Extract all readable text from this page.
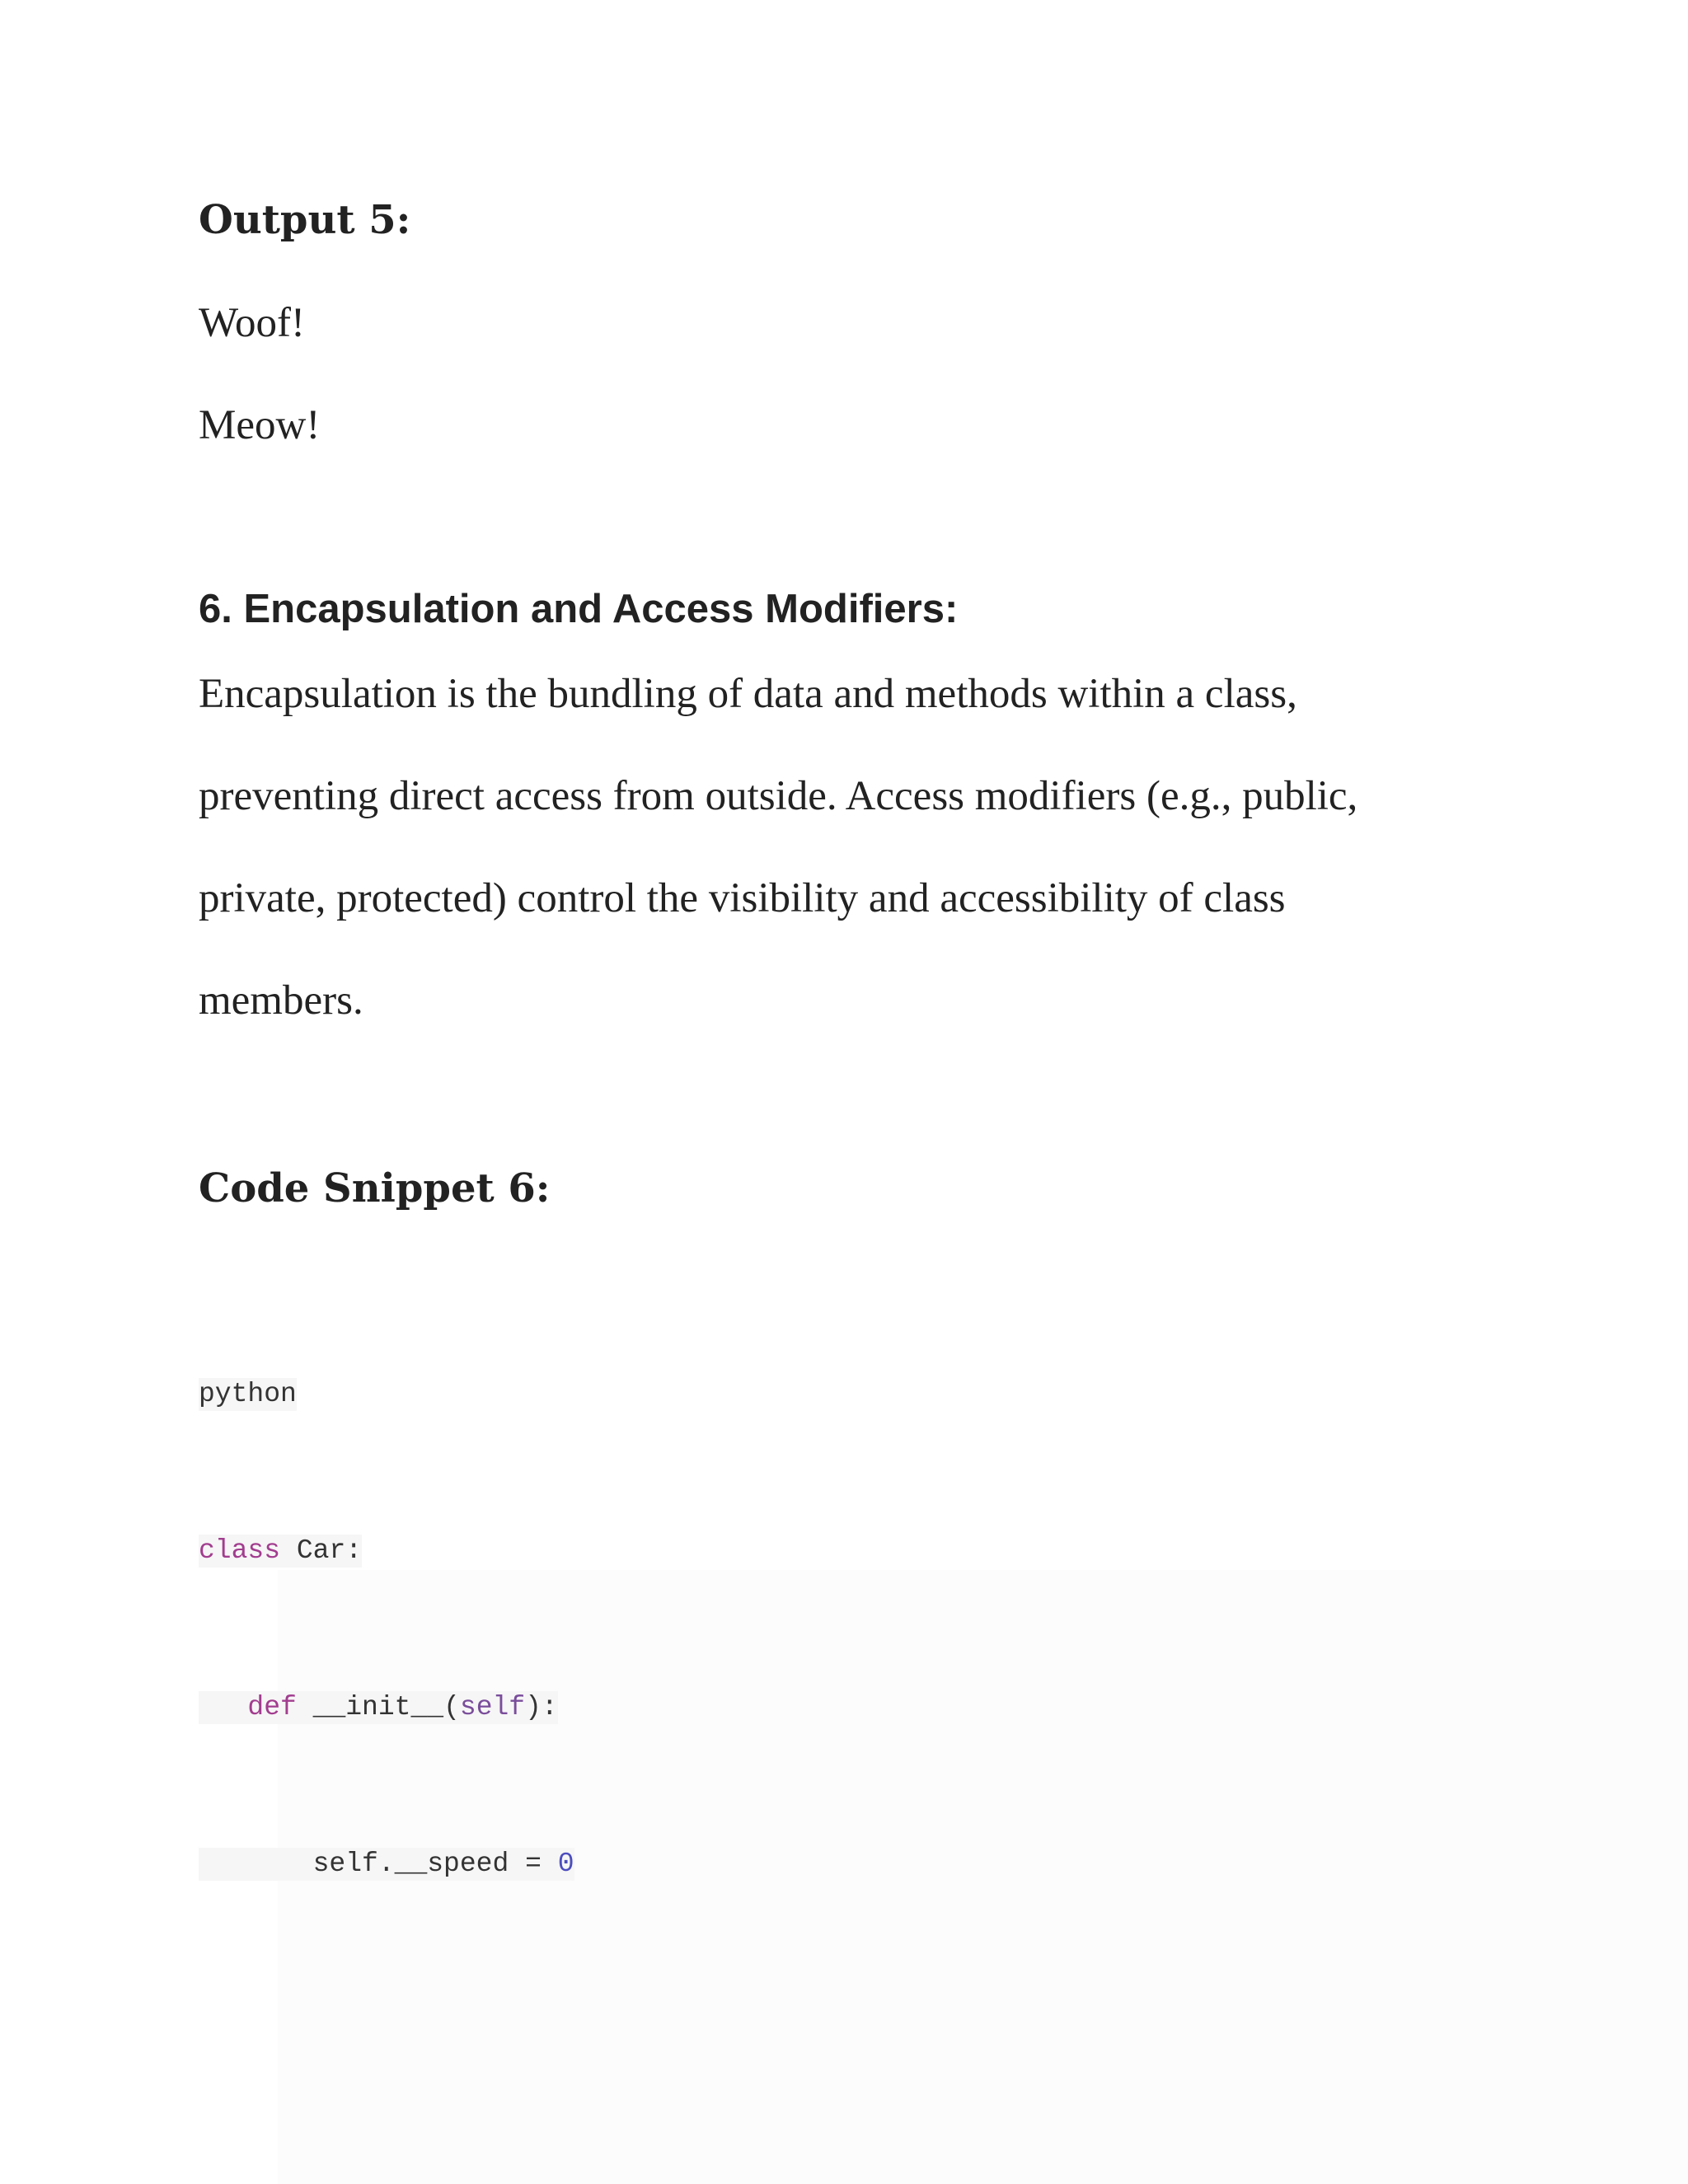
Output 5:

Woof!

Meow!

6. Encapsulation and Access Modifiers:

Encapsulation is the bundling of data and methods within a class,

preventing direct access from outside. Access modifiers (e.g., public,

private, protected) control the visibility and accessibility of class

members.

Code Snippet 6:
python
class Car:
def __init__(self):
self.__speed = 0
